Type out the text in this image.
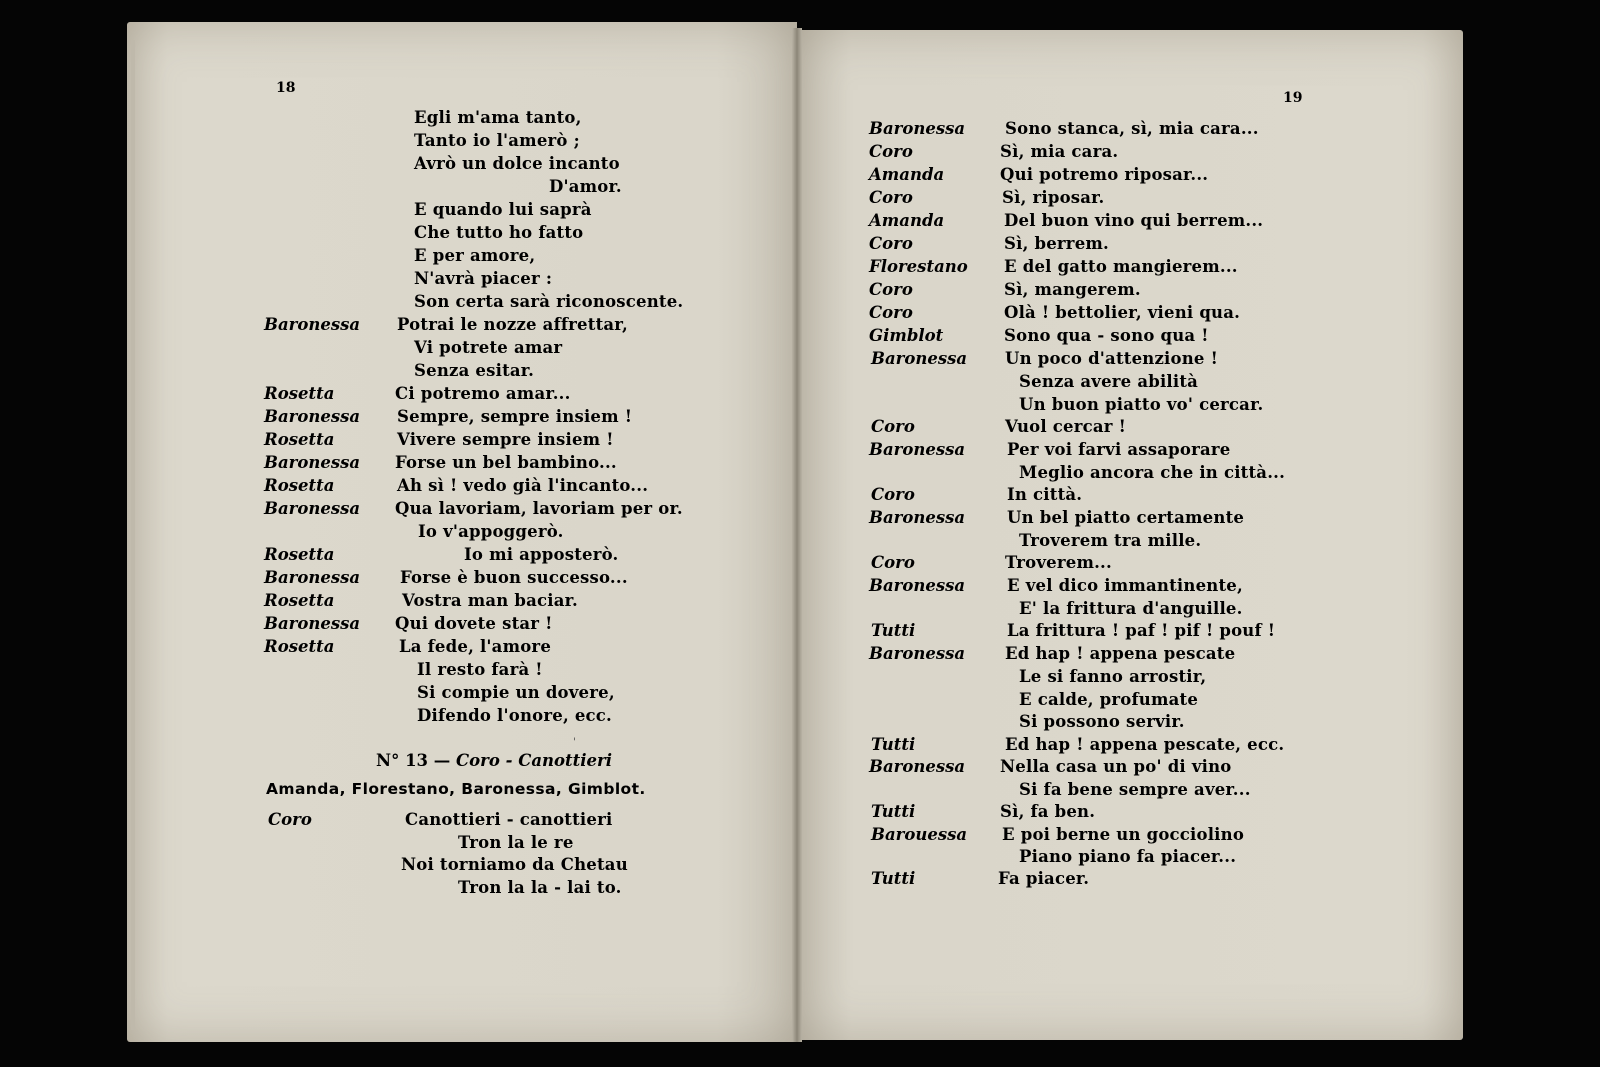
18
19
Egli m'ama tanto,
Tanto io l'amerò ;
Avrò un dolce incanto
D'amor.
E quando lui saprà
Che tutto ho fatto
E per amore,
N'avrà piacer :
Son certa sarà riconoscente.
Baronessa Potrai le nozze affrettar,
Vi potrete amar
Senza esitar.
Rosetta	Ci potremo amar...
Baronessa Sempre, sempre insiem !
Rosetta	Vivere sempre insiem !
Baronessa Forse un bel bambino...
Rosetta	Ah sì ! vedo già l'incanto...
Baronessa Qua lavoriam, lavoriam per or.
Io v'appoggerò.
Rosetta	Io mi apposterò.
Baronessa Forse è buon successo...
Rosetta	Vostra man baciar.
Baronessa Qui dovete star !
Rosetta	La fede, l'amore
Il resto farà !
Si compie un dovere,
Difendo l'onore, ecc.
'
N° 13 — Coro - Canottieri
Amanda, Florestano, Baronessa, Gimblot.
Coro	Canottieri - canottieri
Tron la le re
Noi torniamo da Chetau
Tron la la - lai to.
Baronessa Sono stanca, sì, mia cara...
Coro	Sì, mia cara.
Amanda	Qui potremo riposar...
Coro	Sì, riposar.
Amanda	Del buon vino qui berrem...
Coro	Sì, berrem.
Florestano E del gatto mangierem...
Coro	Sì, mangerem.
Coro	Olà ! bettolier, vieni qua.
Gimblot	Sono qua - sono qua !
Baronessa Un poco d'attenzione !
Senza avere abilità
Un buon piatto vo' cercar.
Coro	Vuol cercar !
Baronessa	Per voi farvi assaporare
Meglio ancora che in città...
Coro	In città.
Baronessa	Un bel piatto certamente
Troverem tra mille.
Coro	Troverem...
Baronessa	E vel dico immantinente,
E' la frittura d'anguille.
Tutti	La frittura ! paf ! pif ! pouf !
Baronessa Ed hap ! appena pescate
Le si fanno arrostir,
E calde, profumate
Si possono servir.
Tutti	Ed hap ! appena pescate, ecc.
Baronessa Nella casa un po' di vino
Si fa bene sempre aver...
Tutti	Sì, fa ben.
Barouessa E poi berne un gocciolino
Piano piano fa piacer...
Tutti	Fa piacer.
